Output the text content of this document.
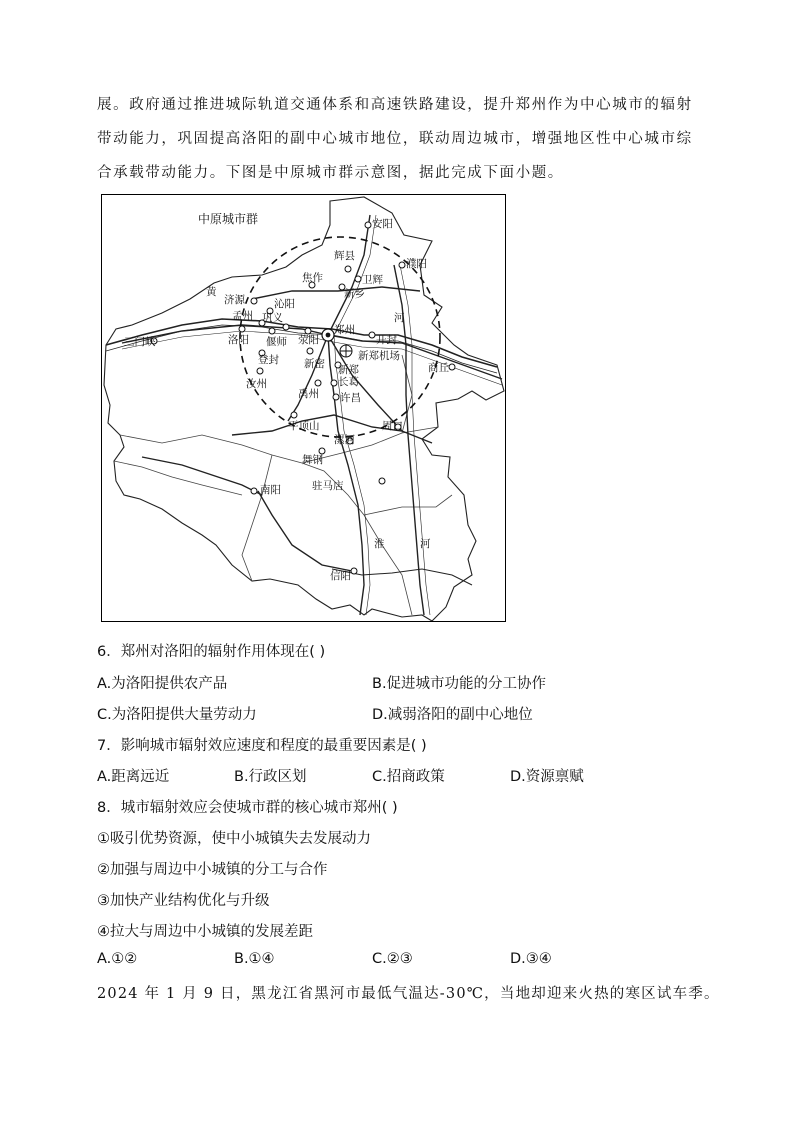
展。政府通过推进城际轨道交通体系和高速铁路建设，提升郑州作为中心城市的辐射
带动能力，巩固提高洛阳的副中心城市地位，联动周边城市，增强地区性中心城市综
合承载带动能力。下图是中原城市群示意图，据此完成下面小题。
中原城市群	安阳
辉县
濮阳
焦作	卫辉
新乡
济源	沁阳
孟州 巩义
郑州
开封
三门峡	洛阳 偃师 荥阳
登封 新密 新郑
新郑机场
商丘
汝州
禹州
长葛
许昌
平顶山	周口
漯河
舞钢
南阳	驻马店
信阳
黄
河
淮	河
6．郑州对洛阳的辐射作用体现在( )
A.为洛阳提供农产品	B.促进城市功能的分工协作
C.为洛阳提供大量劳动力	D.减弱洛阳的副中心地位
7．影响城市辐射效应速度和程度的最重要因素是( )
A.距离远近	B.行政区划	C.招商政策	D.资源禀赋
8．城市辐射效应会使城市群的核心城市郑州( )
①吸引优势资源，使中小城镇失去发展动力
②加强与周边中小城镇的分工与合作
③加快产业结构优化与升级
④拉大与周边中小城镇的发展差距
A.①②	B.①④	C.②③	D.③④
2024 年 1 月 9 日，黑龙江省黑河市最低气温达-30℃，当地却迎来火热的寒区试车季。
